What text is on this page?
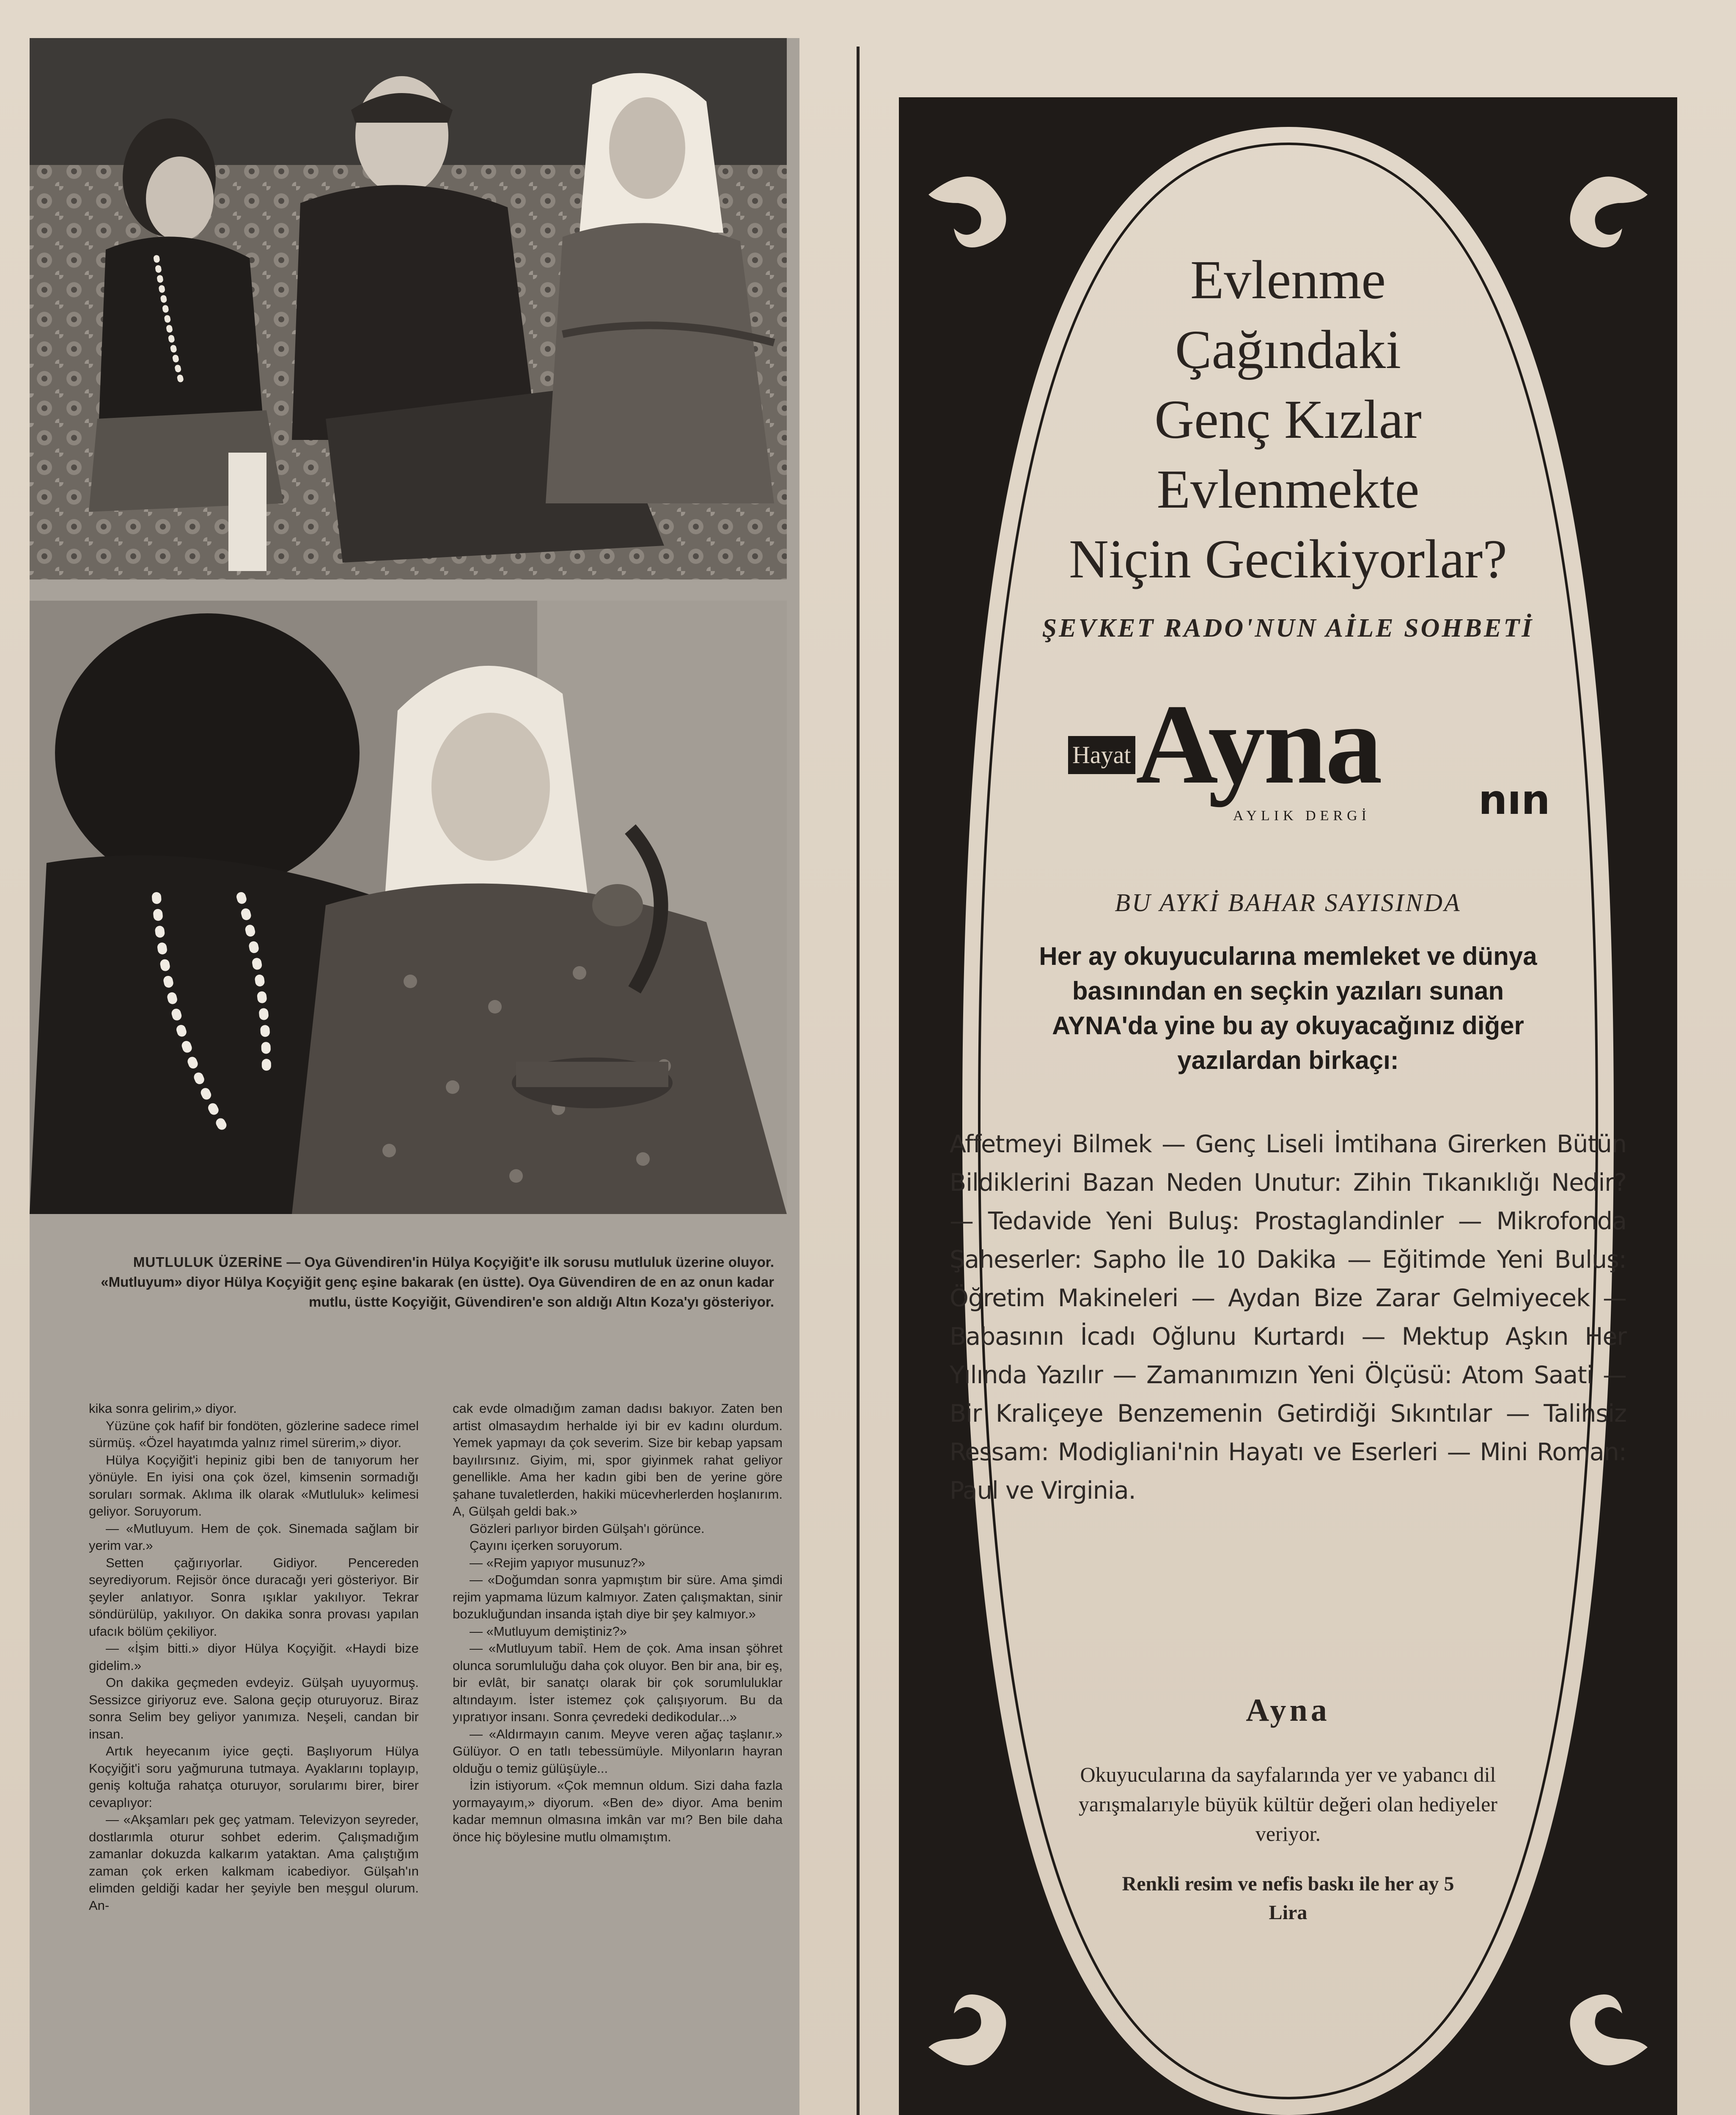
MUTLULUK ÜZERİNE — Oya Güvendiren'in Hülya Koçyiğit'e ilk sorusu mutluluk üzerine oluyor. «Mutluyum» diyor Hülya Koçyiğit genç eşine bakarak (en üstte). Oya Güvendiren de en az onun kadar mutlu, üstte Koçyiğit, Güvendiren'e son aldığı Altın Koza'yı gösteriyor.

kika sonra gelirim,» diyor.

Yüzüne çok hafif bir fondöten, gözlerine sadece rimel sürmüş. «Özel hayatımda yalnız rimel sürerim,» diyor.

Hülya Koçyiğit'i hepiniz gibi ben de tanıyorum her yönüyle. En iyisi ona çok özel, kimsenin sormadığı soruları sormak. Aklıma ilk olarak «Mutluluk» kelimesi geliyor. Soruyorum.

— «Mutluyum. Hem de çok. Sinemada sağlam bir yerim var.»

Setten çağırıyorlar. Gidiyor. Pencereden seyrediyorum. Rejisör önce duracağı yeri gösteriyor. Bir şeyler anlatıyor. Sonra ışıklar yakılıyor. Tekrar söndürülüp, yakılıyor. On dakika sonra provası yapılan ufacık bölüm çekiliyor.

— «İşim bitti.» diyor Hülya Koçyiğit. «Haydi bize gidelim.»

On dakika geçmeden evdeyiz. Gülşah uyuyormuş. Sessizce giriyoruz eve. Salona geçip oturuyoruz. Biraz sonra Selim bey geliyor yanımıza. Neşeli, candan bir insan.

Artık heyecanım iyice geçti. Başlıyorum Hülya Koçyiğit'i soru yağmuruna tutmaya. Ayaklarını toplayıp, geniş koltuğa rahatça oturuyor, sorularımı birer, birer cevaplıyor:

— «Akşamları pek geç yatmam. Televizyon seyreder, dostlarımla oturur sohbet ederim. Çalışmadığım zamanlar dokuzda kalkarım yataktan. Ama çalıştığım zaman çok erken kalkmam icabediyor. Gülşah'ın elimden geldiği kadar her şeyiyle ben meşgul olurum. An-

cak evde olmadığım zaman dadısı bakıyor. Zaten ben artist olmasaydım herhalde iyi bir ev kadını olurdum. Yemek yapmayı da çok severim. Size bir kebap yapsam bayılırsınız. Giyim, mi, spor giyinmek rahat geliyor genellikle. Ama her kadın gibi ben de yerine göre şahane tuvaletlerden, hakiki mücevherlerden hoşlanırım. A, Gülşah geldi bak.»

Gözleri parlıyor birden Gülşah'ı görünce.

Çayını içerken soruyorum.

— «Rejim yapıyor musunuz?»

— «Doğumdan sonra yapmıştım bir süre. Ama şimdi rejim yapmama lüzum kalmıyor. Zaten çalışmaktan, sinir bozukluğundan insanda iştah diye bir şey kalmıyor.»

— «Mutluyum demiştiniz?»

— «Mutluyum tabiî. Hem de çok. Ama insan şöhret olunca sorumluluğu daha çok oluyor. Ben bir ana, bir eş, bir evlât, bir sanatçı olarak bir çok sorumluluklar altındayım. İster istemez çok çalışıyorum. Bu da yıpratıyor insanı. Sonra çevredeki dedikodular...»

— «Aldırmayın canım. Meyve veren ağaç taşlanır.» Gülüyor. O en tatlı tebessümüyle. Milyonların hayran olduğu o temiz gülüşüyle...

İzin istiyorum. «Çok memnun oldum. Sizi daha fazla yormayayım,» diyorum. «Ben de» diyor. Ama benim kadar memnun olmasına imkân var mı? Ben bile daha önce hiç böylesine mutlu olmamıştım.

Evlenme
Çağındaki
Genç Kızlar
Evlenmekte
Niçin Gecikiyorlar?
ŞEVKET RADO'NUN AİLE SOHBETİ
Hayat Ayna
AYLIK DERGİ	nın
BU AYKİ BAHAR SAYISINDA
Her ay okuyucularına memleket ve dünya basınından en seçkin yazıları sunan AYNA'da yine bu ay okuyacağınız diğer yazılardan birkaçı:
Affetmeyi Bilmek — Genç Liseli İmtihana Girerken Bütün Bildiklerini Bazan Neden Unutur: Zihin Tıkanıklığı Nedir? — Tedavide Yeni Buluş: Prostaglandinler — Mikrofonda Şaheserler: Sapho İle 10 Dakika — Eğitimde Yeni Buluş: Öğretim Makineleri — Aydan Bize Zarar Gelmiyecek — Babasının İcadı Oğlunu Kurtardı — Mektup Aşkın Her Yılında Yazılır — Zamanımızın Yeni Ölçüsü: Atom Saati — Bir Kraliçeye Benzemenin Getirdiği Sıkıntılar — Talihsiz Ressam: Modigliani'nin Hayatı ve Eserleri — Mini Roman: Paul ve Virginia.
Ayna
Okuyucularına da sayfalarında yer ve yabancı dil yarışmalarıyle büyük kültür değeri olan hediyeler veriyor.
Renkli resim ve nefis baskı ile her ay 5 Lira
